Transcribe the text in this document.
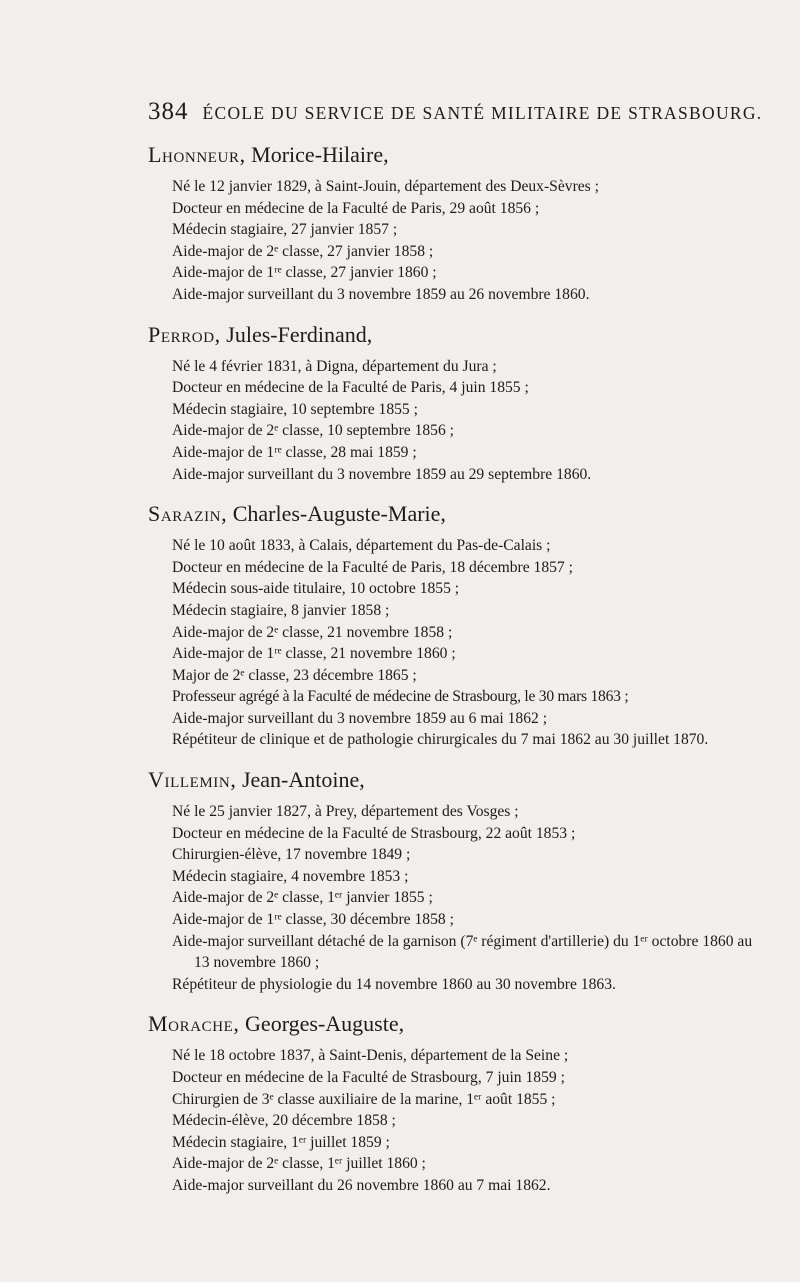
384 ÉCOLE DU SERVICE DE SANTÉ MILITAIRE DE STRASBOURG.
Lhonneur, Morice-Hilaire,
Né le 12 janvier 1829, à Saint-Jouin, département des Deux-Sèvres ;
Docteur en médecine de la Faculté de Paris, 29 août 1856 ;
Médecin stagiaire, 27 janvier 1857 ;
Aide-major de 2ᵉ classe, 27 janvier 1858 ;
Aide-major de 1ʳᵉ classe, 27 janvier 1860 ;
Aide-major surveillant du 3 novembre 1859 au 26 novembre 1860.
Perrod, Jules-Ferdinand,
Né le 4 février 1831, à Digna, département du Jura ;
Docteur en médecine de la Faculté de Paris, 4 juin 1855 ;
Médecin stagiaire, 10 septembre 1855 ;
Aide-major de 2ᵉ classe, 10 septembre 1856 ;
Aide-major de 1ʳᵉ classe, 28 mai 1859 ;
Aide-major surveillant du 3 novembre 1859 au 29 septembre 1860.
Sarazin, Charles-Auguste-Marie,
Né le 10 août 1833, à Calais, département du Pas-de-Calais ;
Docteur en médecine de la Faculté de Paris, 18 décembre 1857 ;
Médecin sous-aide titulaire, 10 octobre 1855 ;
Médecin stagiaire, 8 janvier 1858 ;
Aide-major de 2ᵉ classe, 21 novembre 1858 ;
Aide-major de 1ʳᵉ classe, 21 novembre 1860 ;
Major de 2ᵉ classe, 23 décembre 1865 ;
Professeur agrégé à la Faculté de médecine de Strasbourg, le 30 mars 1863 ;
Aide-major surveillant du 3 novembre 1859 au 6 mai 1862 ;
Répétiteur de clinique et de pathologie chirurgicales du 7 mai 1862 au 30 juillet 1870.
Villemin, Jean-Antoine,
Né le 25 janvier 1827, à Prey, département des Vosges ;
Docteur en médecine de la Faculté de Strasbourg, 22 août 1853 ;
Chirurgien-élève, 17 novembre 1849 ;
Médecin stagiaire, 4 novembre 1853 ;
Aide-major de 2ᵉ classe, 1ᵉʳ janvier 1855 ;
Aide-major de 1ʳᵉ classe, 30 décembre 1858 ;
Aide-major surveillant détaché de la garnison (7ᵉ régiment d'artillerie) du 1ᵉʳ octobre 1860 au 13 novembre 1860 ;
Répétiteur de physiologie du 14 novembre 1860 au 30 novembre 1863.
Morache, Georges-Auguste,
Né le 18 octobre 1837, à Saint-Denis, département de la Seine ;
Docteur en médecine de la Faculté de Strasbourg, 7 juin 1859 ;
Chirurgien de 3ᵉ classe auxiliaire de la marine, 1ᵉʳ août 1855 ;
Médecin-élève, 20 décembre 1858 ;
Médecin stagiaire, 1ᵉʳ juillet 1859 ;
Aide-major de 2ᵉ classe, 1ᵉʳ juillet 1860 ;
Aide-major surveillant du 26 novembre 1860 au 7 mai 1862.
